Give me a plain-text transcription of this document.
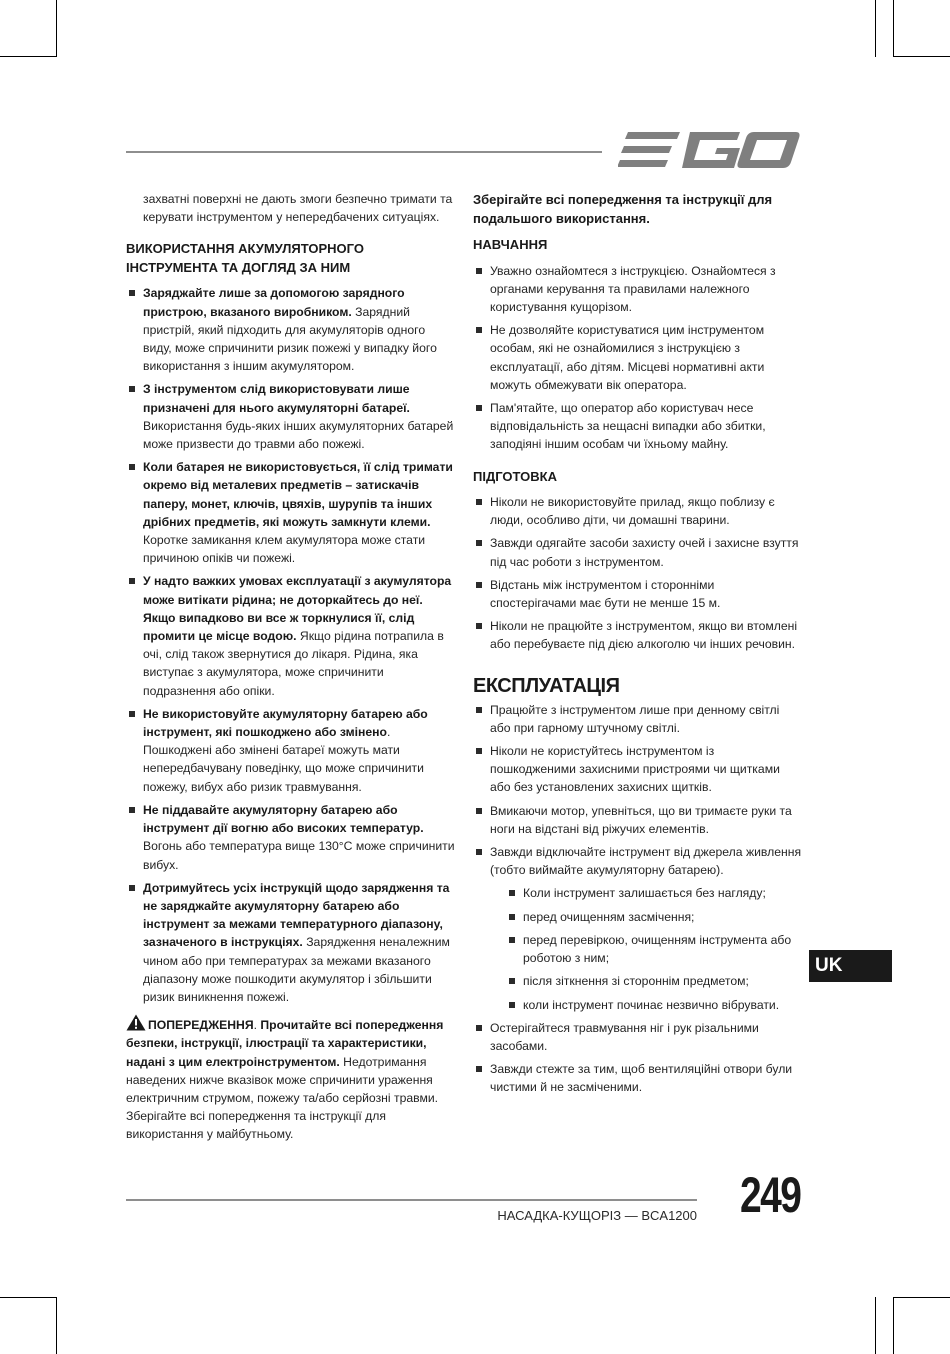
захватні поверхні не дають змоги безпечно тримати та керувати інструментом у непередбачених ситуаціях.

ВИКОРИСТАННЯ АКУМУЛЯТОРНОГО ІНСТРУМЕНТА ТА ДОГЛЯД ЗА НИМ
Заряджайте лише за допомогою зарядного пристрою, вказаного виробником. Зарядний пристрій, який підходить для акумуляторів одного виду, може спричинити ризик пожежі у випадку його використання з іншим акумулятором.
З інструментом слід використовувати лише призначені для нього акумуляторні батареї. Використання будь-яких інших акумуляторних батарей може призвести до травми або пожежі.
Коли батарея не використовується, її слід тримати окремо від металевих предметів – затискачів паперу, монет, ключів, цвяхів, шурупів та інших дрібних предметів, які можуть замкнути клеми. Коротке замикання клем акумулятора може стати причиною опіків чи пожежі.
У надто важких умовах експлуатації з акумулятора може витікати рідина; не доторкайтесь до неї. Якщо випадково ви все ж торкнулися її, слід промити це місце водою. Якщо рідина потрапила в очі, слід також звернутися до лікаря. Рідина, яка виступає з акумулятора, може спричинити подразнення або опіки.
Не використовуйте акумуляторну батарею або інструмент, які пошкоджено або змінено. Пошкоджені або змінені батареї можуть мати непередбачувану поведінку, що може спричинити пожежу, вибух або ризик травмування.
Не піддавайте акумуляторну батарею або інструмент дії вогню або високих температур. Вогонь або температура вище 130°C може спричинити вибух.
Дотримуйтесь усіх інструкцій щодо зарядження та не заряджайте акумуляторну батарею або інструмент за межами температурного діапазону, зазначеного в інструкціях. Зарядження неналежним чином або при температурах за межами вказаного діапазону може пошкодити акумулятор і збільшити ризик виникнення пожежі.

ПОПЕРЕДЖЕННЯ. Прочитайте всі попередження безпеки, інструкції, ілюстрації та характеристики, надані з цим електроінструментом. Недотримання наведених нижче вказівок може спричинити ураження електричним струмом, пожежу та/або серйозні травми. Зберігайте всі попередження та інструкції для використання у майбутньому.

Зберігайте всі попередження та інструкції для подальшого використання.

НАВЧАННЯ
Уважно ознайомтеся з інструкцією. Ознайомтеся з органами керування та правилами належного користування кущорізом.
Не дозволяйте користуватися цим інструментом особам, які не ознайомилися з інструкцією з експлуатації, або дітям. Місцеві нормативні акти можуть обмежувати вік оператора.
Пам'ятайте, що оператор або користувач несе відповідальність за нещасні випадки або збитки, заподіяні іншим особам чи їхньому майну.
ПІДГОТОВКА
Ніколи не використовуйте прилад, якщо поблизу є люди, особливо діти, чи домашні тварини.
Завжди одягайте засоби захисту очей і захисне взуття під час роботи з інструментом.
Відстань між інструментом і сторонніми спостерігачами має бути не менше 15 м.
Ніколи не працюйте з інструментом, якщо ви втомлені або перебуваєте під дією алкоголю чи інших речовин.
ЕКСПЛУАТАЦІЯ
Працюйте з інструментом лише при денному світлі або при гарному штучному світлі.
Ніколи не користуйтесь інструментом із пошкодженими захисними пристроями чи щитками або без установлених захисних щитків.
Вмикаючи мотор, упевніться, що ви тримаєте руки та ноги на відстані від ріжучих елементів.
Завжди відключайте інструмент від джерела живлення (тобто виймайте акумуляторну батарею).
Коли інструмент залишається без нагляду;
перед очищенням засмічення;
перед перевіркою, очищенням інструмента або роботою з ним;
після зіткнення зі стороннім предметом;
коли інструмент починає незвично вібрувати.
Остерігайтеся травмування ніг і рук різальними засобами.
Завжди стежте за тим, щоб вентиляційні отвори були чистими й не засміченими.
UK
НАСАДКА-КУЩОРІЗ — BCA1200 249
